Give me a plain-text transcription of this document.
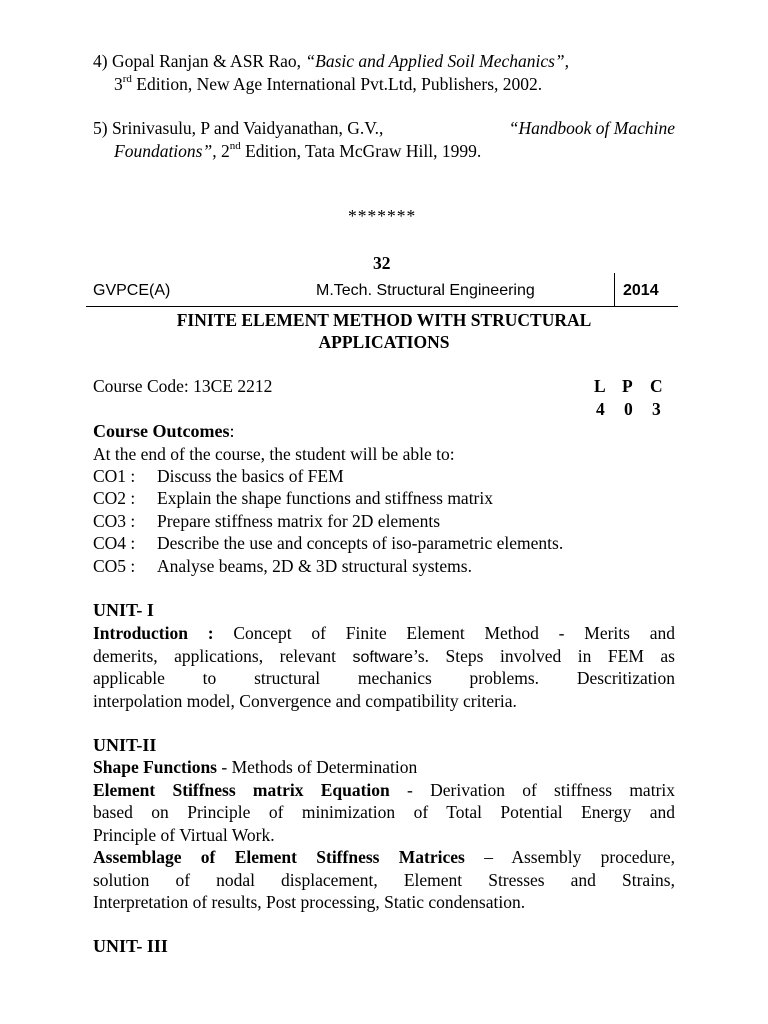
4) Gopal Ranjan & ASR Rao, “Basic and Applied Soil Mechanics”,
3rd Edition, New Age International Pvt.Ltd, Publishers, 2002.
5) Srinivasulu, P and Vaidyanathan, G.V.,	“Handbook of Machine
Foundations”, 2nd Edition, Tata McGraw Hill, 1999.
*******
32
GVPCE(A)	M.Tech. Structural Engineering	2014
FINITE ELEMENT METHOD WITH STRUCTURAL
APPLICATIONS
Course Code: 13CE 2212	L P C
4	0	3
Course Outcomes:
At the end of the course, the student will be able to:
CO1 : Discuss the basics of FEM
CO2 : Explain the shape functions and stiffness matrix
CO3 : Prepare stiffness matrix for 2D elements
CO4 : Describe the use and concepts of iso-parametric elements.
CO5 : Analyse beams, 2D & 3D structural systems.
UNIT- I
Introduction : Concept of Finite Element Method - Merits and
demerits, applications, relevant software’s. Steps involved in FEM as
applicable to structural mechanics problems. Descritization
interpolation model, Convergence and compatibility criteria.
UNIT-II
Shape Functions - Methods of Determination
Element Stiffness matrix Equation - Derivation of stiffness matrix
based on Principle of minimization of Total Potential Energy and
Principle of Virtual Work.
Assemblage of Element Stiffness Matrices – Assembly procedure,
solution of nodal displacement, Element Stresses and Strains,
Interpretation of results, Post processing, Static condensation.
UNIT- III
